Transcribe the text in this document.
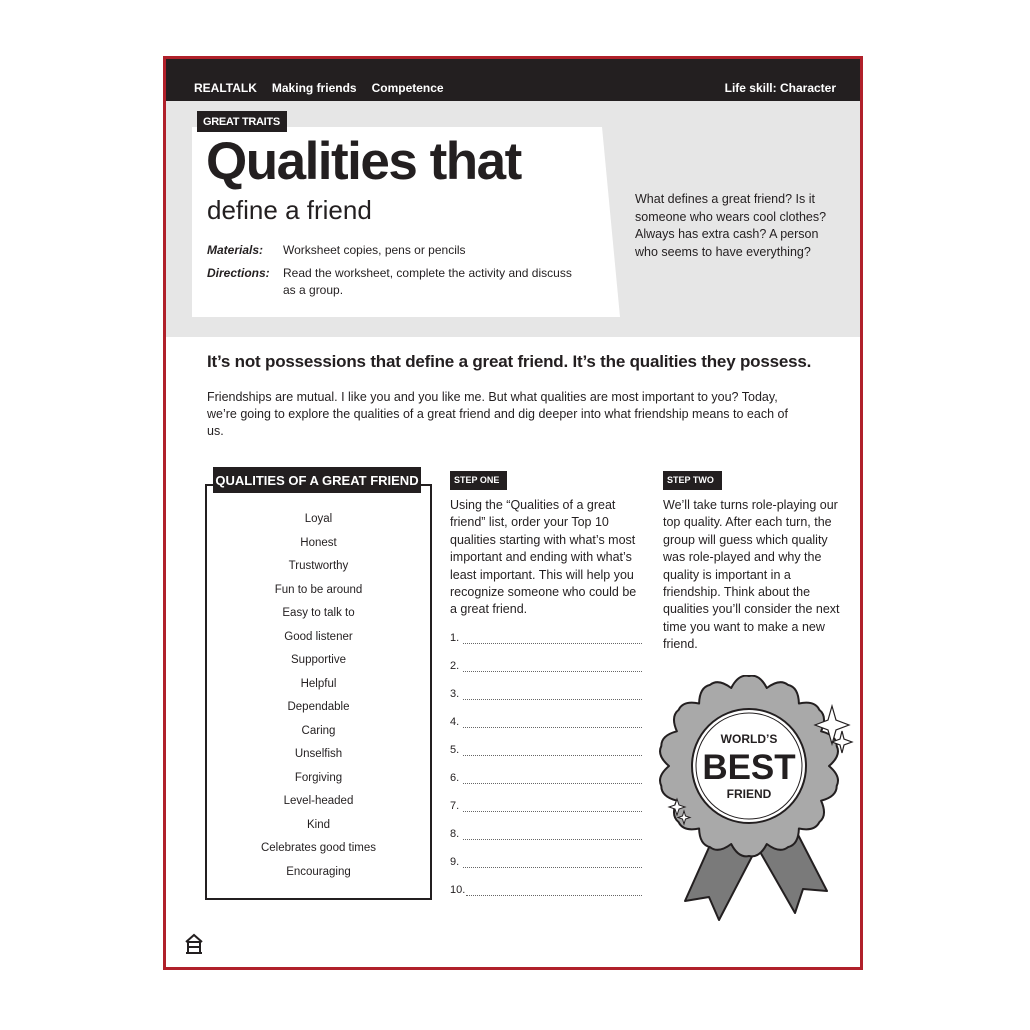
REALTALK Making friends Competence	Life skill: Character
GREAT TRAITS
Qualities that
define a friend
Materials: Worksheet copies, pens or pencils
Directions: Read the worksheet, complete the activity and discuss as a group.

What defines a great friend? Is it someone who wears cool clothes? Always has extra cash? A person who seems to have everything?

It’s not possessions that define a great friend. It’s the qualities they possess.

Friendships are mutual. I like you and you like me. But what qualities are most important to you? Today, we’re going to explore the qualities of a great friend and dig deeper into what friendship means to each of us.

QUALITIES OF A GREAT FRIEND
Loyal
Honest
Trustworthy
Fun to be around
Easy to talk to
Good listener
Supportive
Helpful
Dependable
Caring
Unselfish
Forgiving
Level-headed
Kind
Celebrates good times
Encouraging
STEP ONE

Using the “Qualities of a great friend” list, order your Top 10 qualities starting with what’s most important and ending with what’s least important. This will help you recognize someone who could be a great friend.

1.
2.
3.
4.
5.
6.
7.
8.
9.
10.
STEP TWO

We’ll take turns role-playing our top quality. After each turn, the group will guess which quality was role-played and why the quality is important in a friendship. Think about the qualities you’ll consider the next time you want to make a new friend.

WORLD’S
BEST
FRIEND
